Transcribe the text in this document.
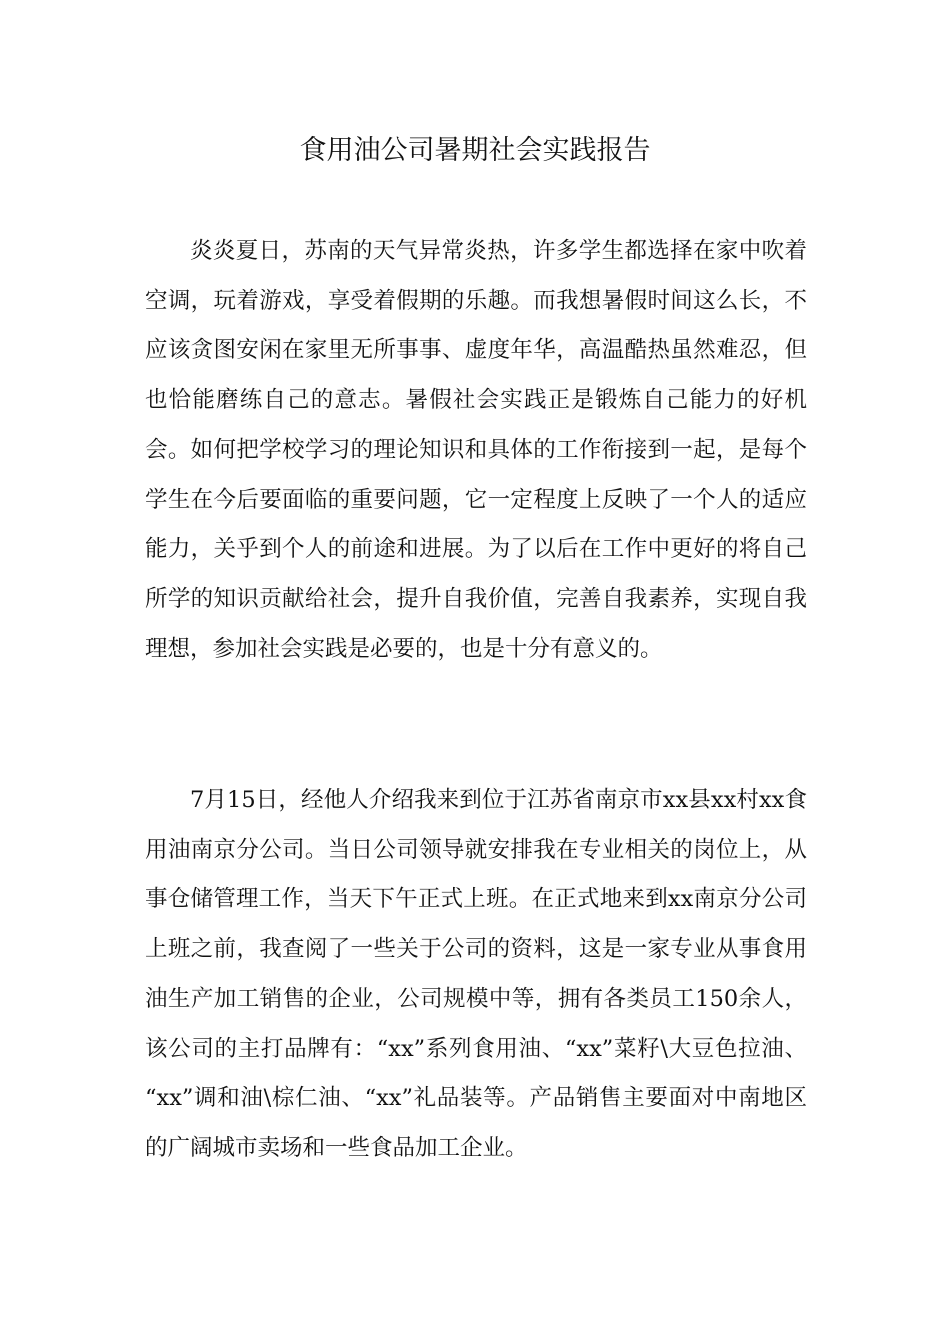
食用油公司暑期社会实践报告

炎炎夏日，苏南的天气异常炎热，许多学生都选择在家中吹着空调，玩着游戏，享受着假期的乐趣。而我想暑假时间这么长，不应该贪图安闲在家里无所事事、虚度年华，高温酷热虽然难忍，但也恰能磨练自己的意志。暑假社会实践正是锻炼自己能力的好机会。如何把学校学习的理论知识和具体的工作衔接到一起，是每个学生在今后要面临的重要问题，它一定程度上反映了一个人的适应能力，关乎到个人的前途和进展。为了以后在工作中更好的将自己所学的知识贡献给社会，提升自我价值，完善自我素养，实现自我理想，参加社会实践是必要的，也是十分有意义的。

7月15日，经他人介绍我来到位于江苏省南京市xx县xx村xx食用油南京分公司。当日公司领导就安排我在专业相关的岗位上，从事仓储管理工作，当天下午正式上班。在正式地来到xx南京分公司上班之前，我查阅了一些关于公司的资料，这是一家专业从事食用油生产加工销售的企业，公司规模中等，拥有各类员工150余人，该公司的主打品牌有：“xx”系列食用油、“xx”菜籽\大豆色拉油、 “xx”调和油\棕仁油、“xx”礼品装等。产品销售主要面对中南地区的广阔城市卖场和一些食品加工企业。
